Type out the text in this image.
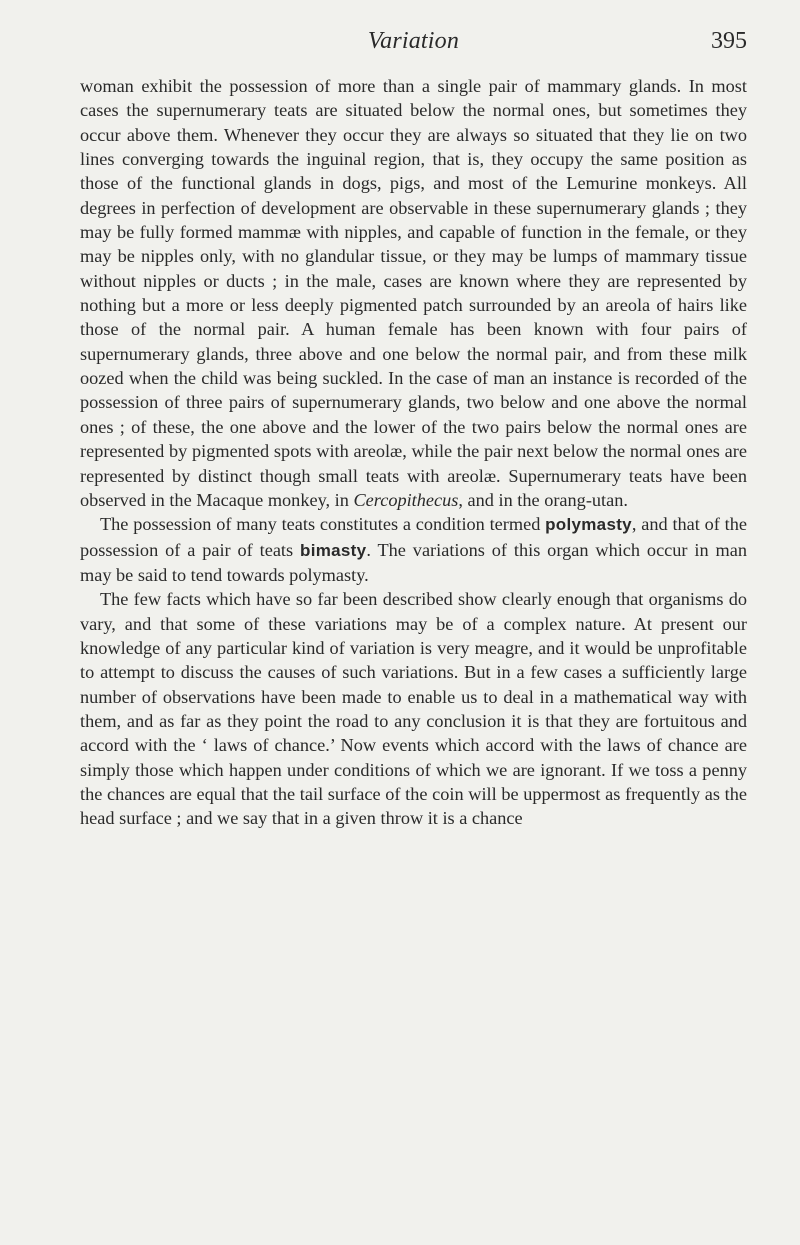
Variation	395

woman exhibit the possession of more than a single pair of mammary glands. In most cases the supernumerary teats are situated below the normal ones, but sometimes they occur above them. Whenever they occur they are always so situated that they lie on two lines converging towards the inguinal region, that is, they occupy the same position as those of the functional glands in dogs, pigs, and most of the Lemurine monkeys. All degrees in perfection of development are observable in these supernumerary glands ; they may be fully formed mammæ with nipples, and capable of function in the female, or they may be nipples only, with no glandular tissue, or they may be lumps of mammary tissue without nipples or ducts ; in the male, cases are known where they are represented by nothing but a more or less deeply pigmented patch surrounded by an areola of hairs like those of the normal pair. A human female has been known with four pairs of supernumerary glands, three above and one below the normal pair, and from these milk oozed when the child was being suckled. In the case of man an instance is recorded of the possession of three pairs of supernumerary glands, two below and one above the normal ones ; of these, the one above and the lower of the two pairs below the normal ones are represented by pigmented spots with areolæ, while the pair next below the normal ones are represented by distinct though small teats with areolæ. Supernumerary teats have been observed in the Macaque monkey, in Cercopithecus, and in the orang-utan.

The possession of many teats constitutes a condition termed polymasty, and that of the possession of a pair of teats bimasty. The variations of this organ which occur in man may be said to tend towards polymasty.

The few facts which have so far been described show clearly enough that organisms do vary, and that some of these variations may be of a complex nature. At present our knowledge of any particular kind of variation is very meagre, and it would be unprofitable to attempt to discuss the causes of such variations. But in a few cases a sufficiently large number of observations have been made to enable us to deal in a mathematical way with them, and as far as they point the road to any conclusion it is that they are fortuitous and accord with the ‘ laws of chance.’ Now events which accord with the laws of chance are simply those which happen under conditions of which we are ignorant. If we toss a penny the chances are equal that the tail surface of the coin will be uppermost as frequently as the head surface ; and we say that in a given throw it is a chance
